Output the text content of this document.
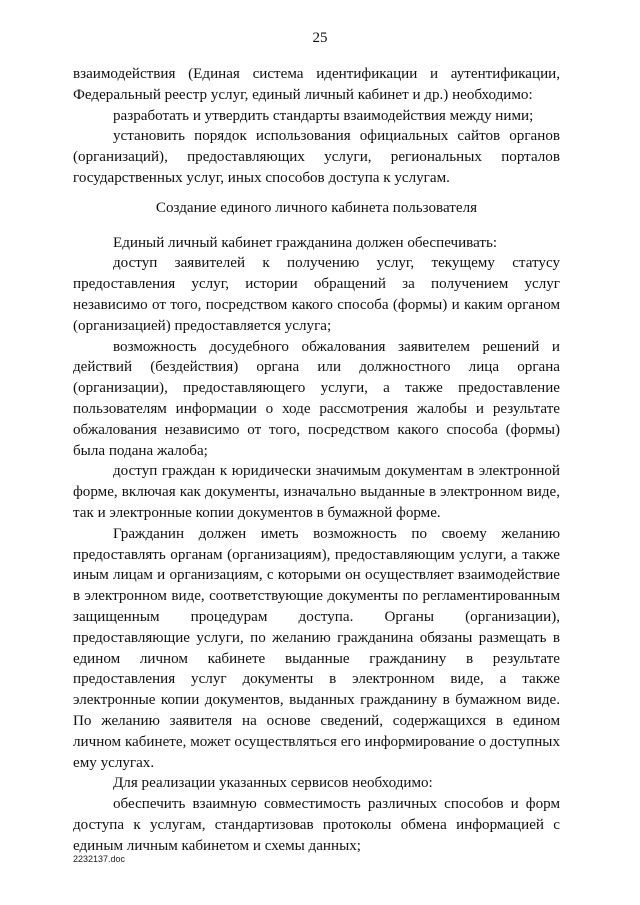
25
взаимодействия (Единая система идентификации и аутентификации,
Федеральный реестр услуг, единый личный кабинет и др.) необходимо:
разработать и утвердить стандарты взаимодействия между ними;
установить порядок использования официальных сайтов органов
(организаций), предоставляющих услуги, региональных порталов
государственных услуг, иных способов доступа к услугам.
Создание единого личного кабинета пользователя
Единый личный кабинет гражданина должен обеспечивать:
доступ заявителей к получению услуг, текущему статусу
предоставления услуг, истории обращений за получением услуг
независимо от того, посредством какого способа (формы) и каким органом
(организацией) предоставляется услуга;
возможность досудебного обжалования заявителем решений и
действий (бездействия) органа или должностного лица органа
(организации), предоставляющего услуги, а также предоставление
пользователям информации о ходе рассмотрения жалобы и результате
обжалования независимо от того, посредством какого способа (формы)
была подана жалоба;
доступ граждан к юридически значимым документам в электронной
форме, включая как документы, изначально выданные в электронном виде,
так и электронные копии документов в бумажной форме.
Гражданин должен иметь возможность по своему желанию
предоставлять органам (организациям), предоставляющим услуги, а также
иным лицам и организациям, с которыми он осуществляет взаимодействие
в электронном виде, соответствующие документы по регламентированным
защищенным процедурам доступа. Органы (организации),
предоставляющие услуги, по желанию гражданина обязаны размещать в
едином личном кабинете выданные гражданину в результате
предоставления услуг документы в электронном виде, а также
электронные копии документов, выданных гражданину в бумажном виде.
По желанию заявителя на основе сведений, содержащихся в едином
личном кабинете, может осуществляться его информирование о доступных
ему услугах.
Для реализации указанных сервисов необходимо:
обеспечить взаимную совместимость различных способов и форм
доступа к услугам, стандартизовав протоколы обмена информацией с
единым личным кабинетом и схемы данных;
2232137.doc
